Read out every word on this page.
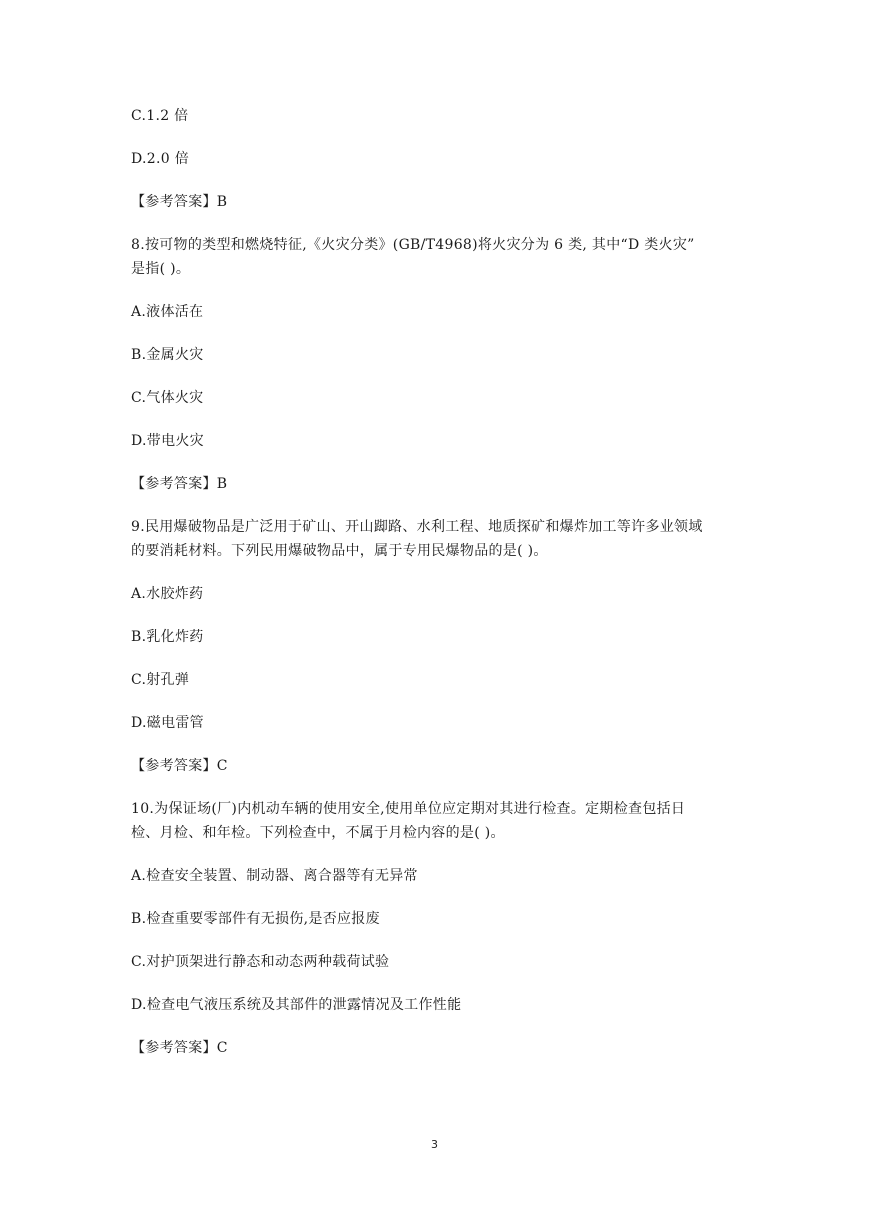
C.1.2 倍
D.2.0 倍
【参考答案】B
8.按可物的类型和燃烧特征,《火灾分类》(GB/T4968)将火灾分为 6 类, 其中“D 类火灾”
是指( )。
A.液体活在
B.金属火灾
C.气体火灾
D.带电火灾
【参考答案】B
9.民用爆破物品是广泛用于矿山、开山踋路、水利工程、地质探矿和爆炸加工等许多业领域
的要消耗材料。下列民用爆破物品中，属于专用民爆物品的是( )。
A.水胶炸药
B.乳化炸药
C.射孔弹
D.磁电雷管
【参考答案】C
10.为保证场(厂)内机动车辆的使用安全,使用单位应定期对其进行检查。定期检查包括日
检、月检、和年检。下列检查中，不属于月检内容的是( )。
A.检查安全装置、制动器、离合器等有无异常
B.检查重要零部件有无损伤,是否应报废
C.对护顶架进行静态和动态两种载荷试验
D.检查电气液压系统及其部件的泄露情况及工作性能
【参考答案】C
3
